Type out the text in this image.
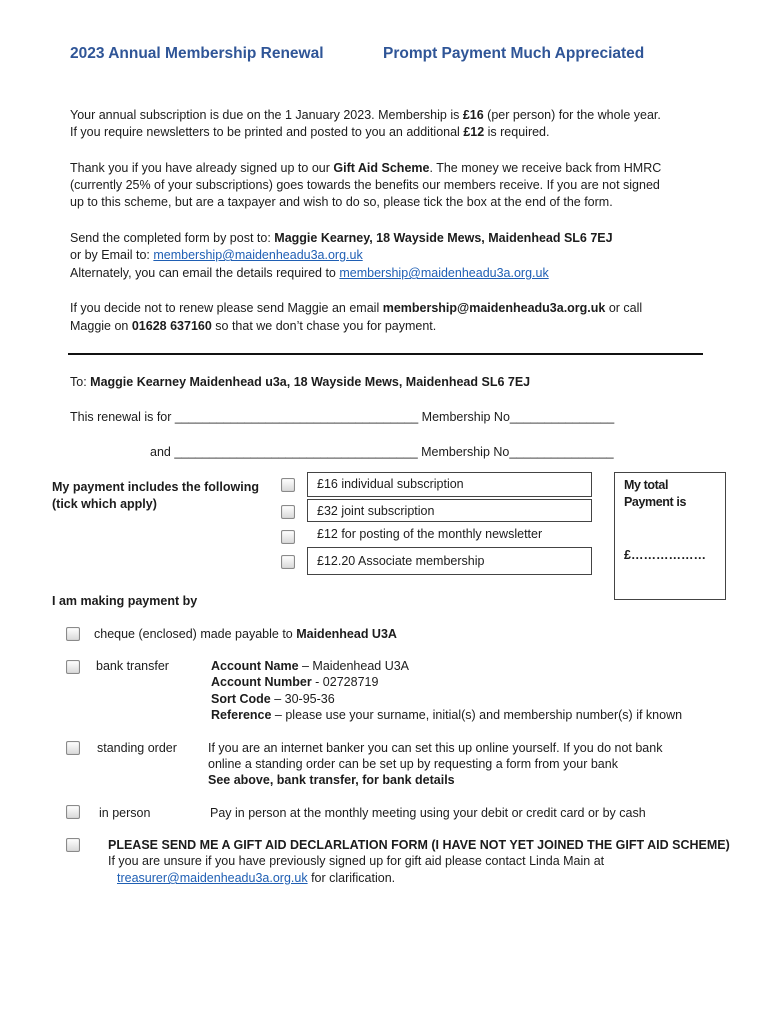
2023 Annual Membership Renewal	Prompt Payment Much Appreciated
Your annual subscription is due on the 1 January 2023. Membership is £16 (per person) for the whole year.
If you require newsletters to be printed and posted to you an additional £12 is required.
Thank you if you have already signed up to our Gift Aid Scheme. The money we receive back from HMRC
(currently 25% of your subscriptions) goes towards the benefits our members receive. If you are not signed
up to this scheme, but are a taxpayer and wish to do so, please tick the box at the end of the form.
Send the completed form by post to: Maggie Kearney, 18 Wayside Mews, Maidenhead SL6 7EJ
or by Email to: membership@maidenheadu3a.org.uk
Alternately, you can email the details required to membership@maidenheadu3a.org.uk
If you decide not to renew please send Maggie an email membership@maidenheadu3a.org.uk or call
Maggie on 01628 637160 so that we don’t chase you for payment.
To: Maggie Kearney Maidenhead u3a, 18 Wayside Mews, Maidenhead SL6 7EJ
This renewal is for ___________________________________ Membership No_______________
and ___________________________________ Membership No_______________
My payment includes the following
(tick which apply)
£16 individual subscription
£32 joint subscription
£12 for posting of the monthly newsletter
£12.20 Associate membership
My total
Payment is
£………………
I am making payment by
cheque (enclosed) made payable to Maidenhead U3A
bank transfer	Account Name – Maidenhead U3A
Account Number - 02728719
Sort Code – 30-95-36
Reference – please use your surname, initial(s) and membership number(s) if known
standing order If you are an internet banker you can set this up online yourself. If you do not bank
online a standing order can be set up by requesting a form from your bank
See above, bank transfer, for bank details
in person	Pay in person at the monthly meeting using your debit or credit card or by cash
PLEASE SEND ME A GIFT AID DECLARLATION FORM (I HAVE NOT YET JOINED THE GIFT AID SCHEME)
If you are unsure if you have previously signed up for gift aid please contact Linda Main at
treasurer@maidenheadu3a.org.uk for clarification.
